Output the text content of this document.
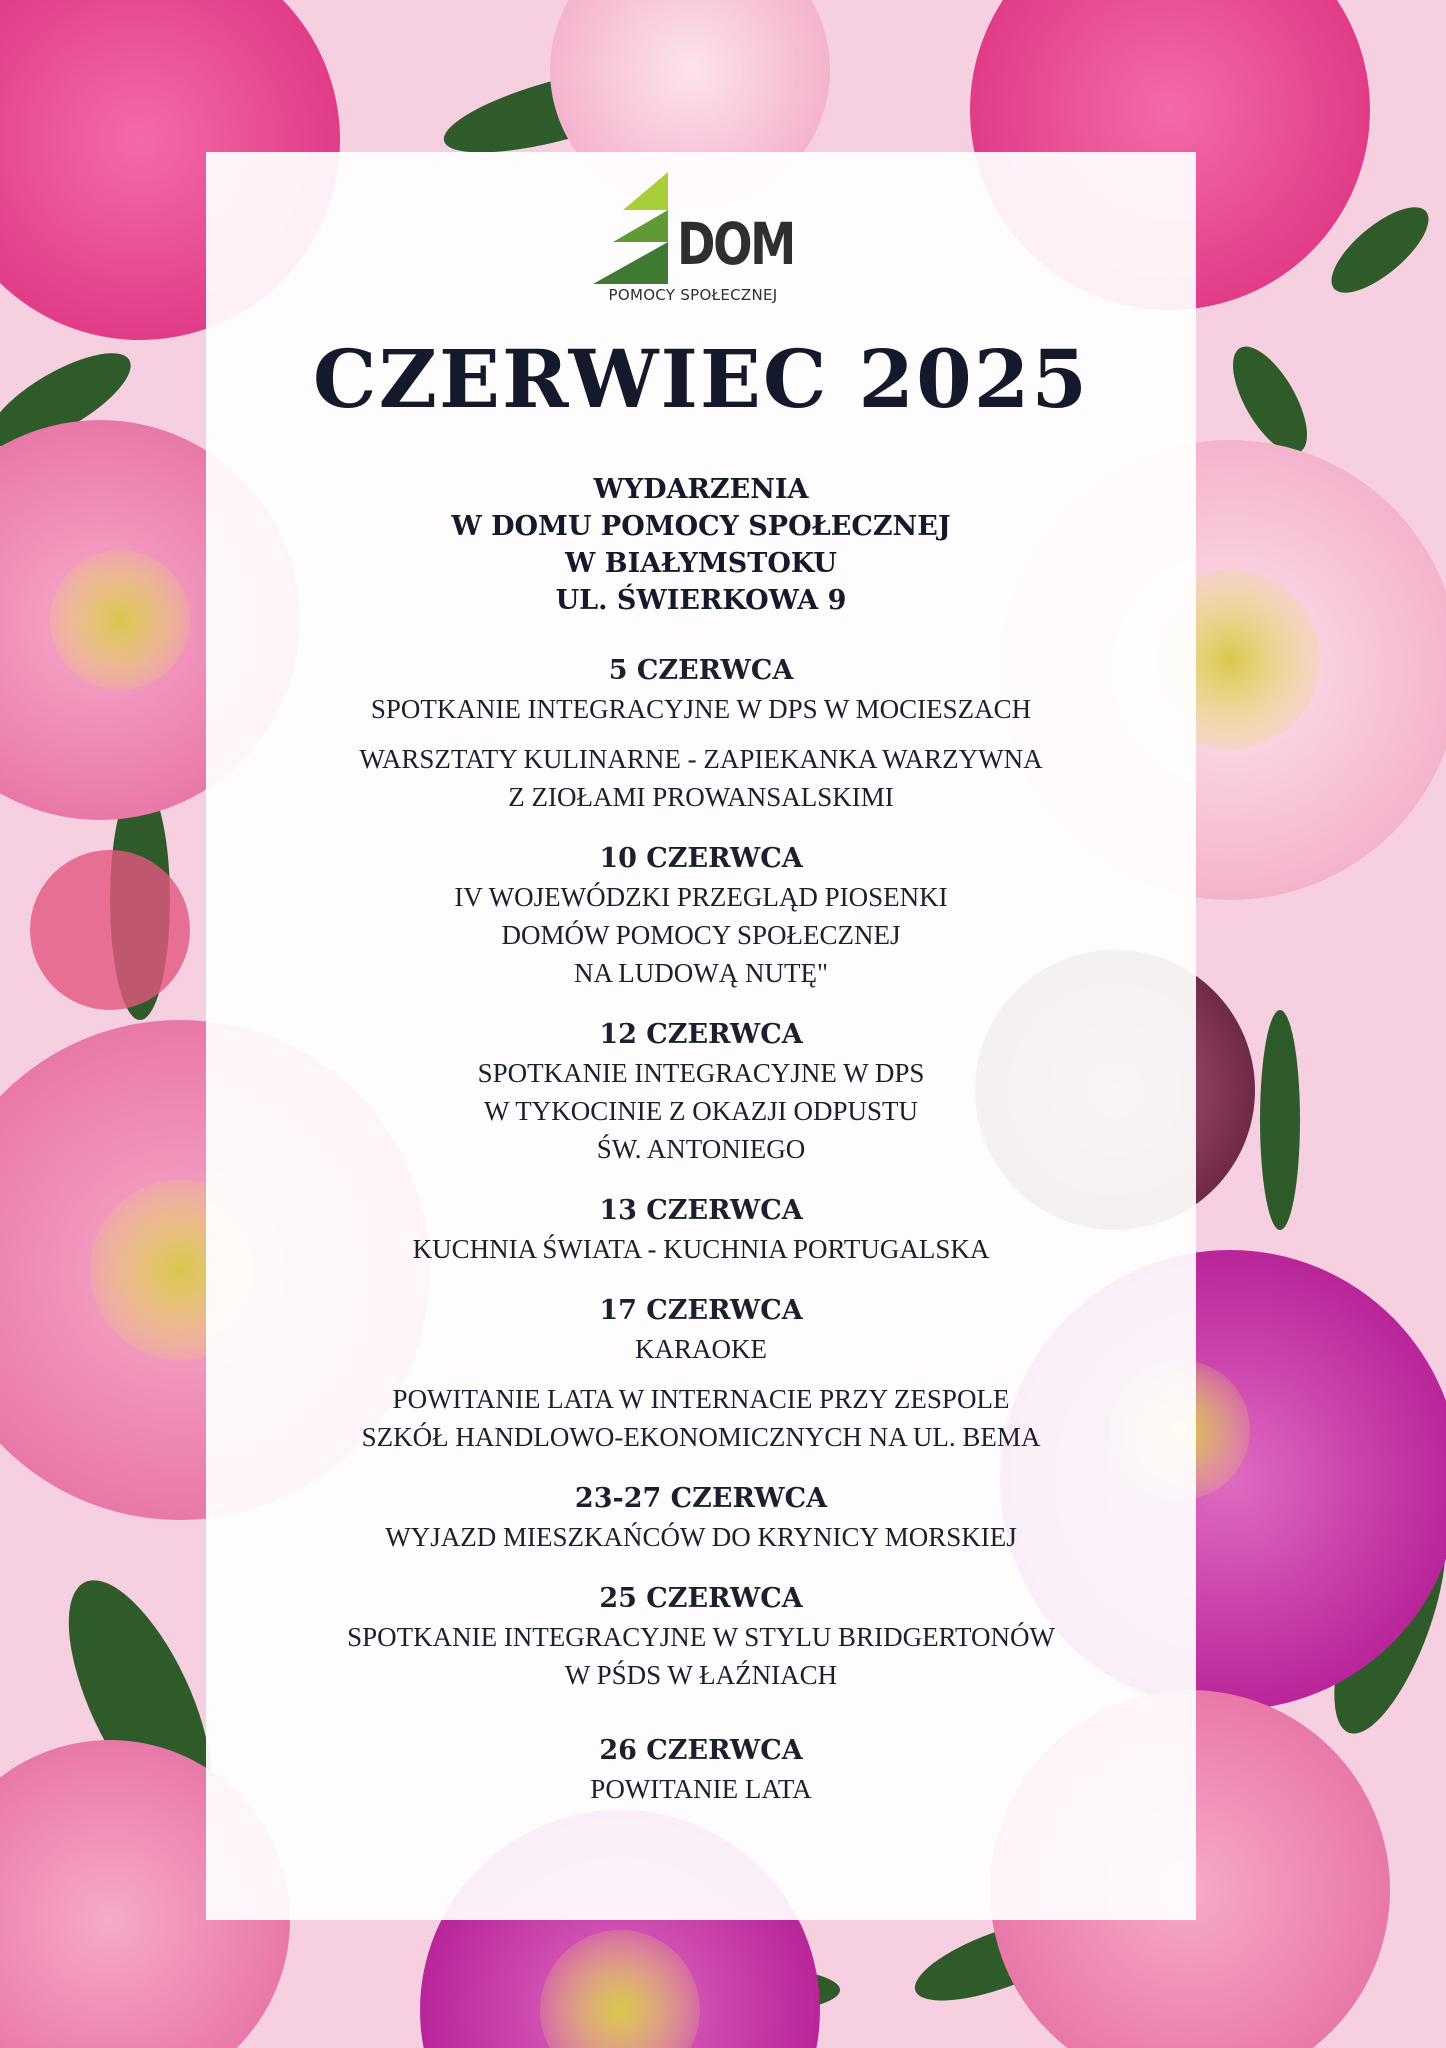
DOM
POMOCY SPOŁECZNEJ
CZERWIEC 2025
WYDARZENIA
W DOMU POMOCY SPOŁECZNEJ
W BIAŁYMSTOKU
UL. ŚWIERKOWA 9

5 CZERWCA

SPOTKANIE INTEGRACYJNE W DPS W MOCIESZACH

WARSZTATY KULINARNE - ZAPIEKANKA WARZYWNA
Z ZIOŁAMI PROWANSALSKIMI

10 CZERWCA

IV WOJEWÓDZKI PRZEGLĄD PIOSENKI
DOMÓW POMOCY SPOŁECZNEJ
NA LUDOWĄ NUTĘ"

12 CZERWCA

SPOTKANIE INTEGRACYJNE W DPS
W TYKOCINIE Z OKAZJI ODPUSTU
ŚW. ANTONIEGO

13 CZERWCA

KUCHNIA ŚWIATA - KUCHNIA PORTUGALSKA

17 CZERWCA

KARAOKE

POWITANIE LATA W INTERNACIE PRZY ZESPOLE
SZKÓŁ HANDLOWO-EKONOMICZNYCH NA UL. BEMA

23-27 CZERWCA

WYJAZD MIESZKAŃCÓW DO KRYNICY MORSKIEJ

25 CZERWCA

SPOTKANIE INTEGRACYJNE W STYLU BRIDGERTONÓW
W PŚDS W ŁAŹNIACH

26 CZERWCA

POWITANIE LATA
